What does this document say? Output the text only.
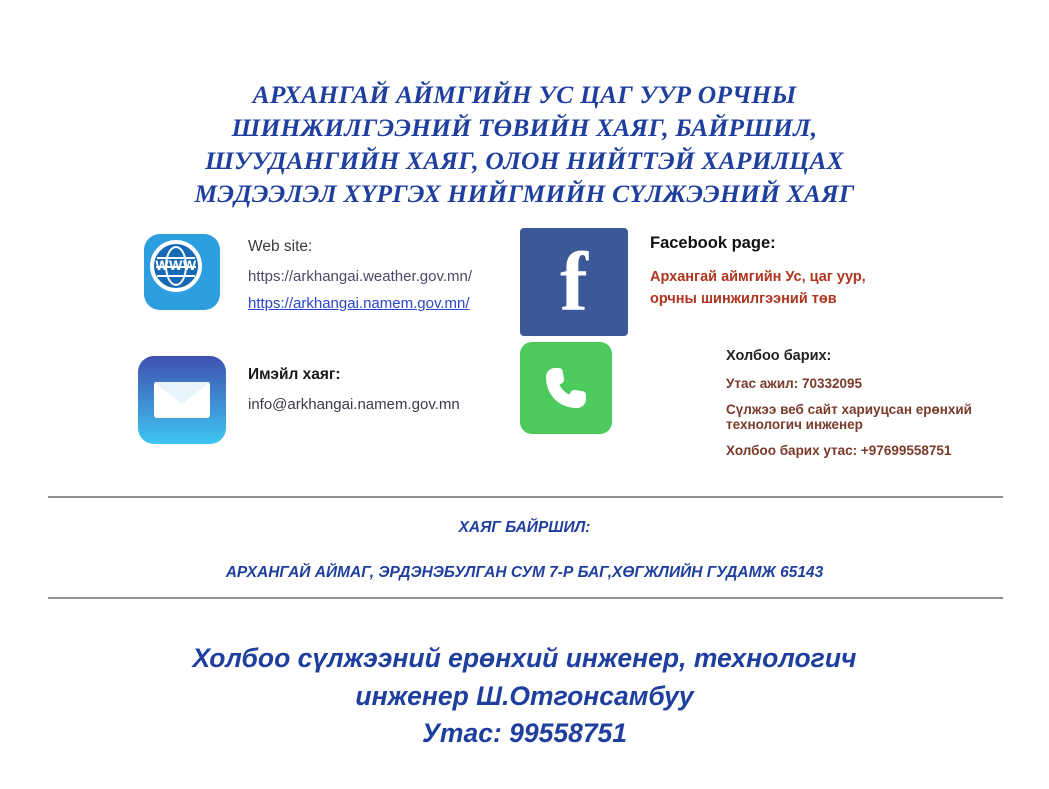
АРХАНГАЙ АЙМГИЙН УС ЦАГ УУР ОРЧНЫ
ШИНЖИЛГЭЭНИЙ ТӨВИЙН ХАЯГ, БАЙРШИЛ,
ШУУДАНГИЙН ХАЯГ, ОЛОН НИЙТТЭЙ ХАРИЛЦАХ
МЭДЭЭЛЭЛ ХҮРГЭХ НИЙГМИЙН СҮЛЖЭЭНИЙ ХАЯГ
WWW
Web site:
https://arkhangai.weather.gov.mn/
https://arkhangai.namem.gov.mn/
Имэйл хаяг:
info@arkhangai.namem.gov.mn
f	Facebook page:
Архангай аймгийн Ус, цаг уур,
орчны шинжилгээний төв
Холбоо барих:
Утас ажил: 70332095
Сүлжээ веб сайт хариуцсан ерөнхий технологич инженер
Холбоо барих утас: +97699558751
ХАЯГ БАЙРШИЛ:
АРХАНГАЙ АЙМАГ, ЭРДЭНЭБУЛГАН СУМ 7-Р БАГ,ХӨГЖЛИЙН ГУДАМЖ 65143
Холбоо сүлжээний ерөнхий инженер, технологич
инженер Ш.Отгонсамбуу
Утас: 99558751
